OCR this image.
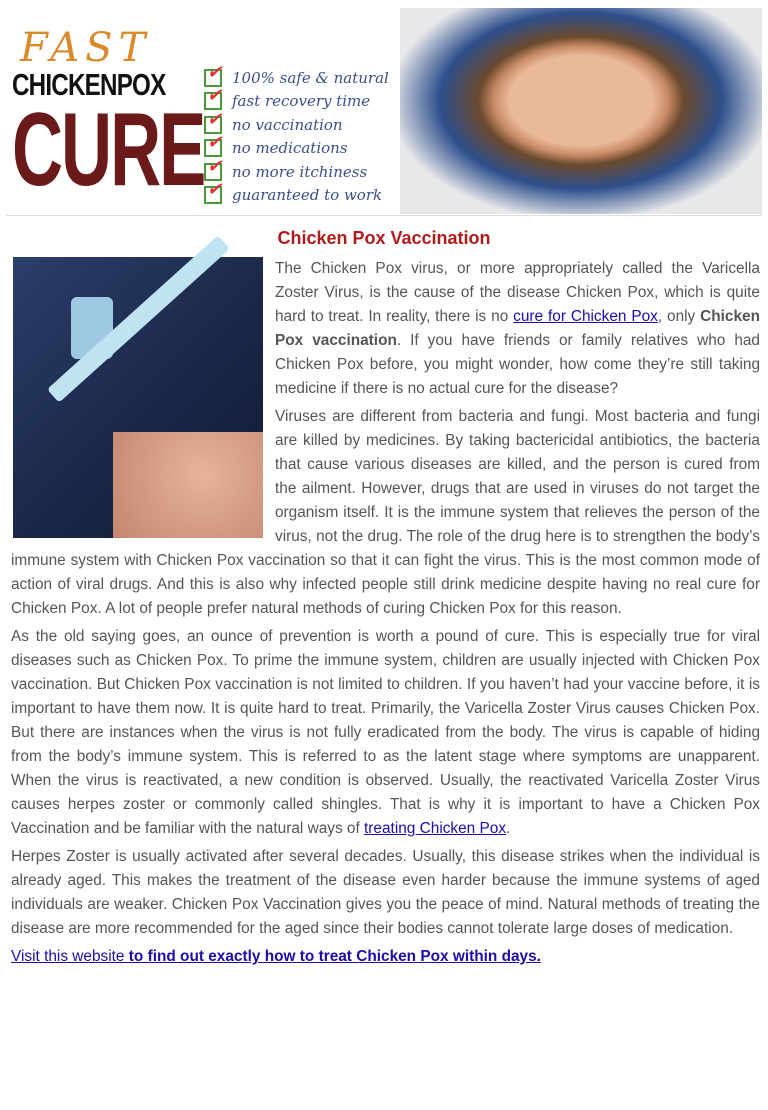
FAST
CHICKENPOX
CURE
✔
100% safe & natural
✔
fast recovery time
✔
no vaccination
✔
no medications
✔
no more itchiness
✔
guaranteed to work
Chicken Pox Vaccination

The Chicken Pox virus, or more appropriately called the Varicella Zoster Virus, is the cause of the disease Chicken Pox, which is quite hard to treat. In reality, there is no cure for Chicken Pox, only Chicken Pox vaccination. If you have friends or family relatives who had Chicken Pox before, you might wonder, how come they’re still taking medicine if there is no actual cure for the disease?

Viruses are different from bacteria and fungi. Most bacteria and fungi are killed by medicines. By taking bactericidal antibiotics, the bacteria that cause various diseases are killed, and the person is cured from the ailment. However, drugs that are used in viruses do not target the organism itself. It is the immune system that relieves the person of the virus, not the drug. The role of the drug here is to strengthen the body’s immune system with Chicken Pox vaccination so that it can fight the virus. This is the most common mode of action of viral drugs. And this is also why infected people still drink medicine despite having no real cure for Chicken Pox. A lot of people prefer natural methods of curing Chicken Pox for this reason.

As the old saying goes, an ounce of prevention is worth a pound of cure. This is especially true for viral diseases such as Chicken Pox. To prime the immune system, children are usually injected with Chicken Pox vaccination. But Chicken Pox vaccination is not limited to children. If you haven’t had your vaccine before, it is important to have them now. It is quite hard to treat. Primarily, the Varicella Zoster Virus causes Chicken Pox. But there are instances when the virus is not fully eradicated from the body. The virus is capable of hiding from the body’s immune system. This is referred to as the latent stage where symptoms are unapparent. When the virus is reactivated, a new condition is observed. Usually, the reactivated Varicella Zoster Virus causes herpes zoster or commonly called shingles. That is why it is important to have a Chicken Pox Vaccination and be familiar with the natural ways of treating Chicken Pox.

Herpes Zoster is usually activated after several decades. Usually, this disease strikes when the individual is already aged. This makes the treatment of the disease even harder because the immune systems of aged individuals are weaker. Chicken Pox Vaccination gives you the peace of mind. Natural methods of treating the disease are more recommended for the aged since their bodies cannot tolerate large doses of medication.

Visit this website to find out exactly how to treat Chicken Pox within days.
